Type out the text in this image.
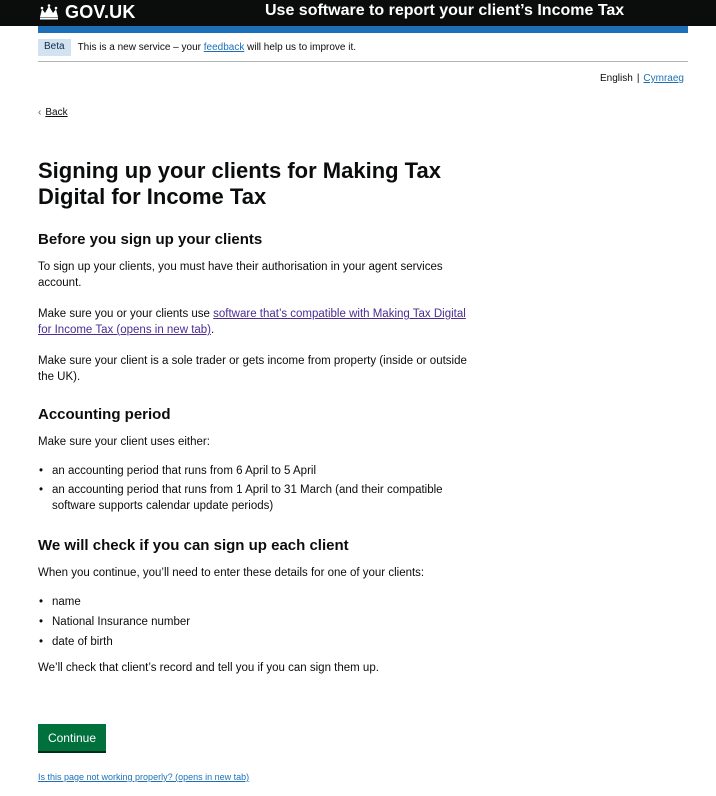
GOV.UK	Use software to report your client’s Income Tax
Beta	This is a new service – your feedback will help us to improve it.
English | Cymraeg
‹ Back
Signing up your clients for Making Tax Digital for Income Tax
Before you sign up your clients

To sign up your clients, you must have their authorisation in your agent services account.

Make sure you or your clients use software that’s compatible with Making Tax Digital for Income Tax (opens in new tab).

Make sure your client is a sole trader or gets income from property (inside or outside the UK).

Accounting period

Make sure your client uses either:

• an accounting period that runs from 6 April to 5 April
• an accounting period that runs from 1 April to 31 March (and their compatible software supports calendar update periods)
We will check if you can sign up each client

When you continue, you’ll need to enter these details for one of your clients:

• name
• National Insurance number
• date of birth

We’ll check that client’s record and tell you if you can sign them up.

Continue
Is this page not working properly? (opens in new tab)
